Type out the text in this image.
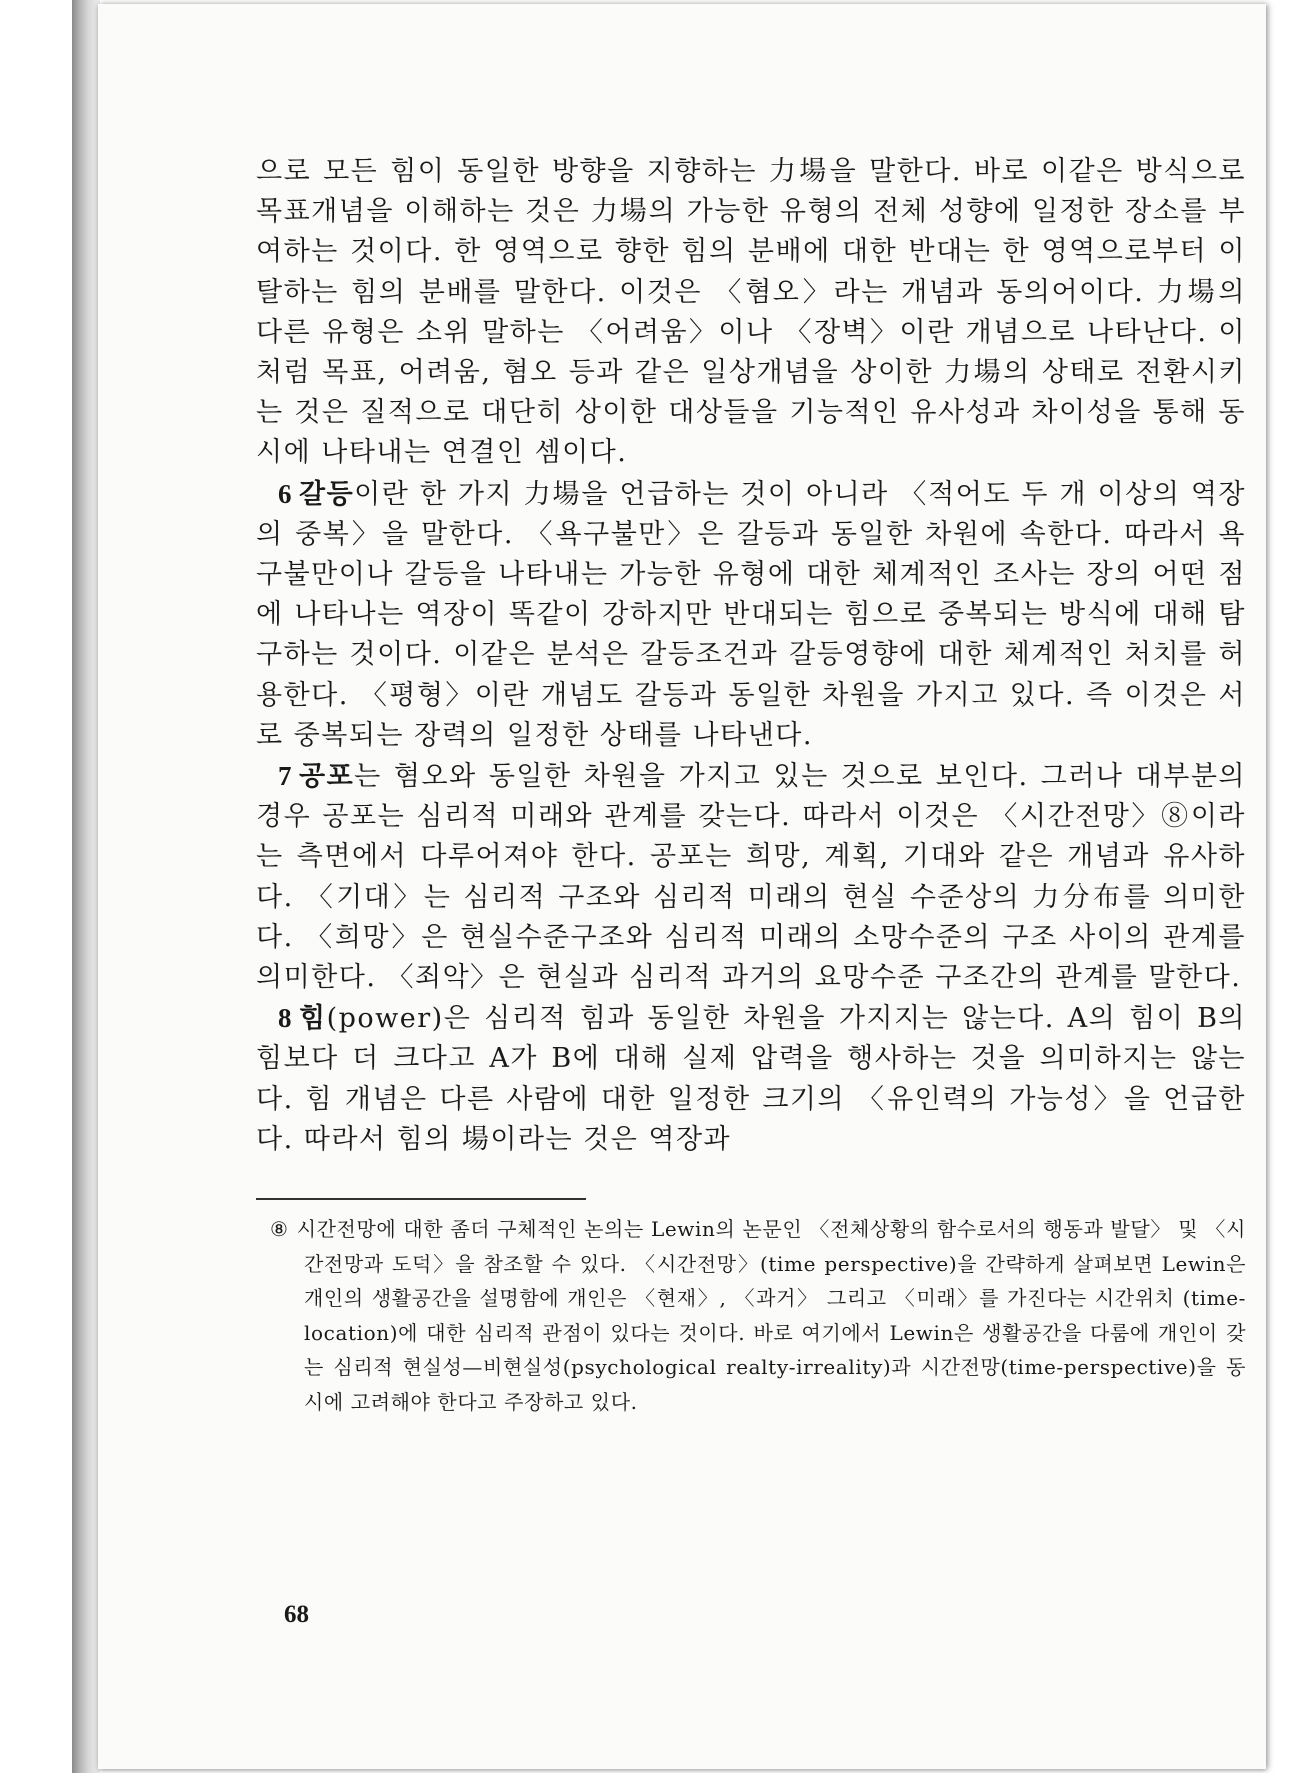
으로 모든 힘이 동일한 방향을 지향하는 力場을 말한다. 바로 이같은 방식으로 목표개념을 이해하는 것은 力場의 가능한 유형의 전체 성향에 일정한 장소를 부여하는 것이다. 한 영역으로 향한 힘의 분배에 대한 반대는 한 영역으로부터 이탈하는 힘의 분배를 말한다. 이것은 〈혐오〉라는 개념과 동의어이다. 力場의 다른 유형은 소위 말하는 〈어려움〉이나 〈장벽〉이란 개념으로 나타난다. 이처럼 목표, 어려움, 혐오 등과 같은 일상개념을 상이한 力場의 상태로 전환시키는 것은 질적으로 대단히 상이한 대상들을 기능적인 유사성과 차이성을 통해 동시에 나타내는 연결인 셈이다.

6 갈등이란 한 가지 力場을 언급하는 것이 아니라 〈적어도 두 개 이상의 역장의 중복〉을 말한다. 〈욕구불만〉은 갈등과 동일한 차원에 속한다. 따라서 욕구불만이나 갈등을 나타내는 가능한 유형에 대한 체계적인 조사는 장의 어떤 점에 나타나는 역장이 똑같이 강하지만 반대되는 힘으로 중복되는 방식에 대해 탐구하는 것이다. 이같은 분석은 갈등조건과 갈등영향에 대한 체계적인 처치를 허용한다. 〈평형〉이란 개념도 갈등과 동일한 차원을 가지고 있다. 즉 이것은 서로 중복되는 장력의 일정한 상태를 나타낸다.

7 공포는 혐오와 동일한 차원을 가지고 있는 것으로 보인다. 그러나 대부분의 경우 공포는 심리적 미래와 관계를 갖는다. 따라서 이것은 〈시간전망〉⑧이라는 측면에서 다루어져야 한다. 공포는 희망, 계획, 기대와 같은 개념과 유사하다. 〈기대〉는 심리적 구조와 심리적 미래의 현실 수준상의 力分布를 의미한다. 〈희망〉은 현실수준구조와 심리적 미래의 소망수준의 구조 사이의 관계를 의미한다. 〈죄악〉은 현실과 심리적 과거의 요망수준 구조간의 관계를 말한다.

8 힘(power)은 심리적 힘과 동일한 차원을 가지지는 않는다. A의 힘이 B의 힘보다 더 크다고 A가 B에 대해 실제 압력을 행사하는 것을 의미하지는 않는다. 힘 개념은 다른 사람에 대한 일정한 크기의 〈유인력의 가능성〉을 언급한다. 따라서 힘의 場이라는 것은 역장과

⑧ 시간전망에 대한 좀더 구체적인 논의는 Lewin의 논문인 〈전체상황의 함수로서의 행동과 발달〉 및 〈시간전망과 도덕〉을 참조할 수 있다. 〈시간전망〉(time perspective)을 간략하게 살펴보면 Lewin은 개인의 생활공간을 설명함에 개인은 〈현재〉, 〈과거〉 그리고 〈미래〉를 가진다는 시간위치 (time-location)에 대한 심리적 관점이 있다는 것이다. 바로 여기에서 Lewin은 생활공간을 다룸에 개인이 갖는 심리적 현실성—비현실성(psychological realty-irreality)과 시간전망(time-perspective)을 동시에 고려해야 한다고 주장하고 있다.
68
